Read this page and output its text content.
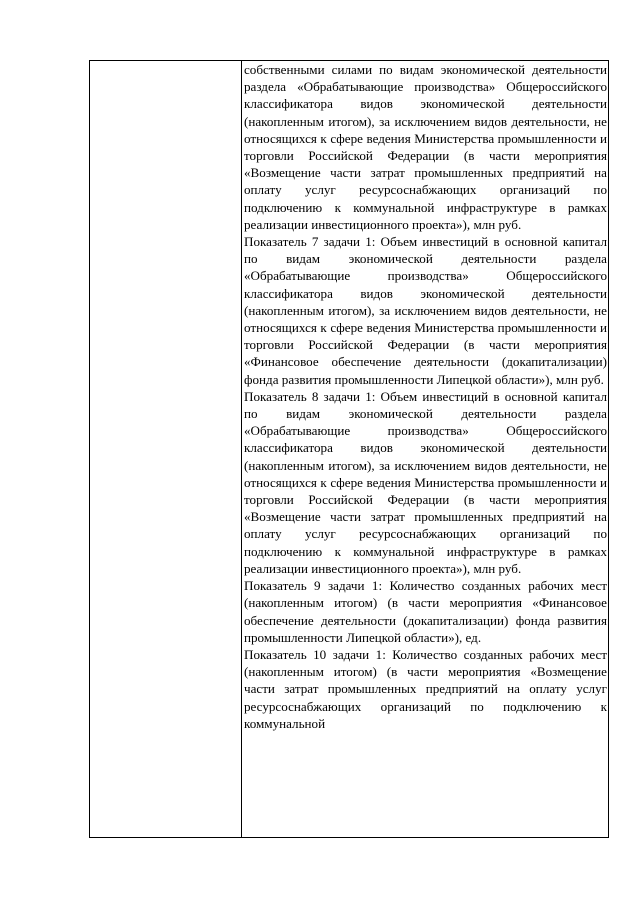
собственными силами по видам экономической деятельности раздела «Обрабатывающие производства» Общероссийского классификатора видов экономической деятельности (накопленным итогом), за исключением видов деятельности, не относящихся к сфере ведения Министерства промышленности и торговли Российской Федерации (в части мероприятия «Возмещение части затрат промышленных предприятий на оплату услуг ресурсоснабжающих организаций по подключению к коммунальной инфраструктуре в рамках реализации инвестиционного проекта»), млн руб.

Показатель 7 задачи 1: Объем инвестиций в основной капитал по видам экономической деятельности раздела «Обрабатывающие производства» Общероссийского классификатора видов экономической деятельности (накопленным итогом), за исключением видов деятельности, не относящихся к сфере ведения Министерства промышленности и торговли Российской Федерации (в части мероприятия «Финансовое обеспечение деятельности (докапитализации) фонда развития промышленности Липецкой области»), млн руб.

Показатель 8 задачи 1: Объем инвестиций в основной капитал по видам экономической деятельности раздела «Обрабатывающие производства» Общероссийского классификатора видов экономической деятельности (накопленным итогом), за исключением видов деятельности, не относящихся к сфере ведения Министерства промышленности и торговли Российской Федерации (в части мероприятия «Возмещение части затрат промышленных предприятий на оплату услуг ресурсоснабжающих организаций по подключению к коммунальной инфраструктуре в рамках реализации инвестиционного проекта»), млн руб.

Показатель 9 задачи 1: Количество созданных рабочих мест (накопленным итогом) (в части мероприятия «Финансовое обеспечение деятельности (докапитализации) фонда развития промышленности Липецкой области»), ед.

Показатель 10 задачи 1: Количество созданных рабочих мест (накопленным итогом) (в части мероприятия «Возмещение части затрат промышленных предприятий на оплату услуг ресурсоснабжающих организаций по подключению к коммунальной
